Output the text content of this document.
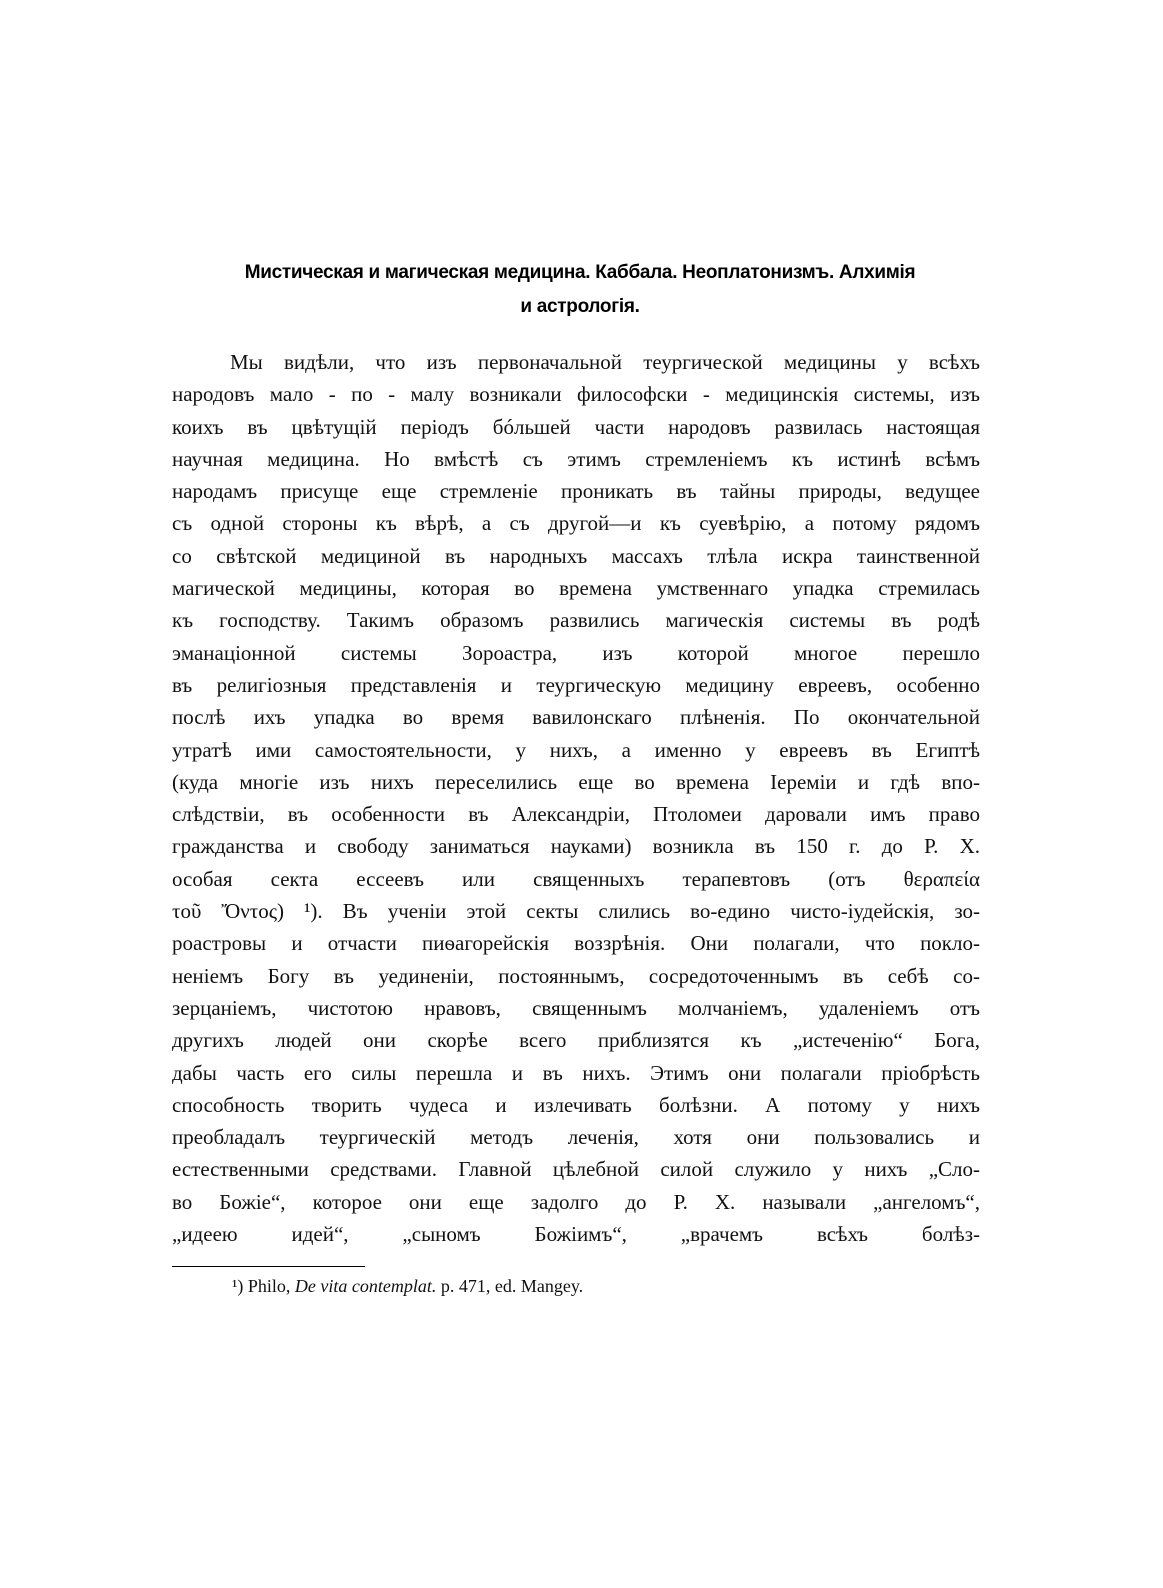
Мистическая и магическая медицина. Каббала. Неоплатонизмъ. Алхимія
и астрологія.
Мы видѣли, что изъ первоначальной теургической медицины у всѣхъ
народовъ мало - по - малу возникали философски - медицинскія системы, изъ
коихъ въ цвѣтущій періодъ бóльшей части народовъ развилась настоящая
научная медицина. Но вмѣстѣ съ этимъ стремленіемъ къ истинѣ всѣмъ
народамъ присуще еще стремленіе проникать въ тайны природы, ведущее
съ одной стороны къ вѣрѣ, а съ другой—и къ суевѣрію, а потому рядомъ
со свѣтской медициной въ народныхъ массахъ тлѣла искра таинственной
магической медицины, которая во времена умственнаго упадка стремилась
къ господству. Такимъ образомъ развились магическія системы въ родѣ
эманаціонной системы Зороастра, изъ которой многое перешло
въ религіозныя представленія и теургическую медицину евреевъ, особенно
послѣ ихъ упадка во время вавилонскаго плѣненія. По окончательной
утратѣ ими самостоятельности, у нихъ, а именно у евреевъ въ Египтѣ
(куда многіе изъ нихъ переселились еще во времена Іереміи и гдѣ впо-
слѣдствіи, въ особенности въ Александріи, Птоломеи даровали имъ право
гражданства и свободу заниматься науками) возникла въ 150 г. до Р. Х.
особая секта ессеевъ или священныхъ терапевтовъ (отъ θεραπεία
τοῦ Ὄντος) ¹). Въ ученіи этой секты слились во-едино чисто-іудейскія, зо-
роастровы и отчасти пиѳагорейскія воззрѣнія. Они полагали, что покло-
неніемъ Богу въ уединеніи, постояннымъ, сосредоточеннымъ въ себѣ со-
зерцаніемъ, чистотою нравовъ, священнымъ молчаніемъ, удаленіемъ отъ
другихъ людей они скорѣе всего приблизятся къ „истеченію“ Бога,
дабы часть его силы перешла и въ нихъ. Этимъ они полагали пріобрѣсть
способность творить чудеса и излечивать болѣзни. А потому у нихъ
преобладалъ теургическій методъ леченія, хотя они пользовались и
естественными средствами. Главной цѣлебной силой служило у нихъ „Сло-
во Божіе“, которое они еще задолго до Р. Х. называли „ангеломъ“,
„идеею идей“, „сыномъ Божіимъ“, „врачемъ всѣхъ болѣз-
¹) Philo, De vita contemplat. p. 471, ed. Mangey.
